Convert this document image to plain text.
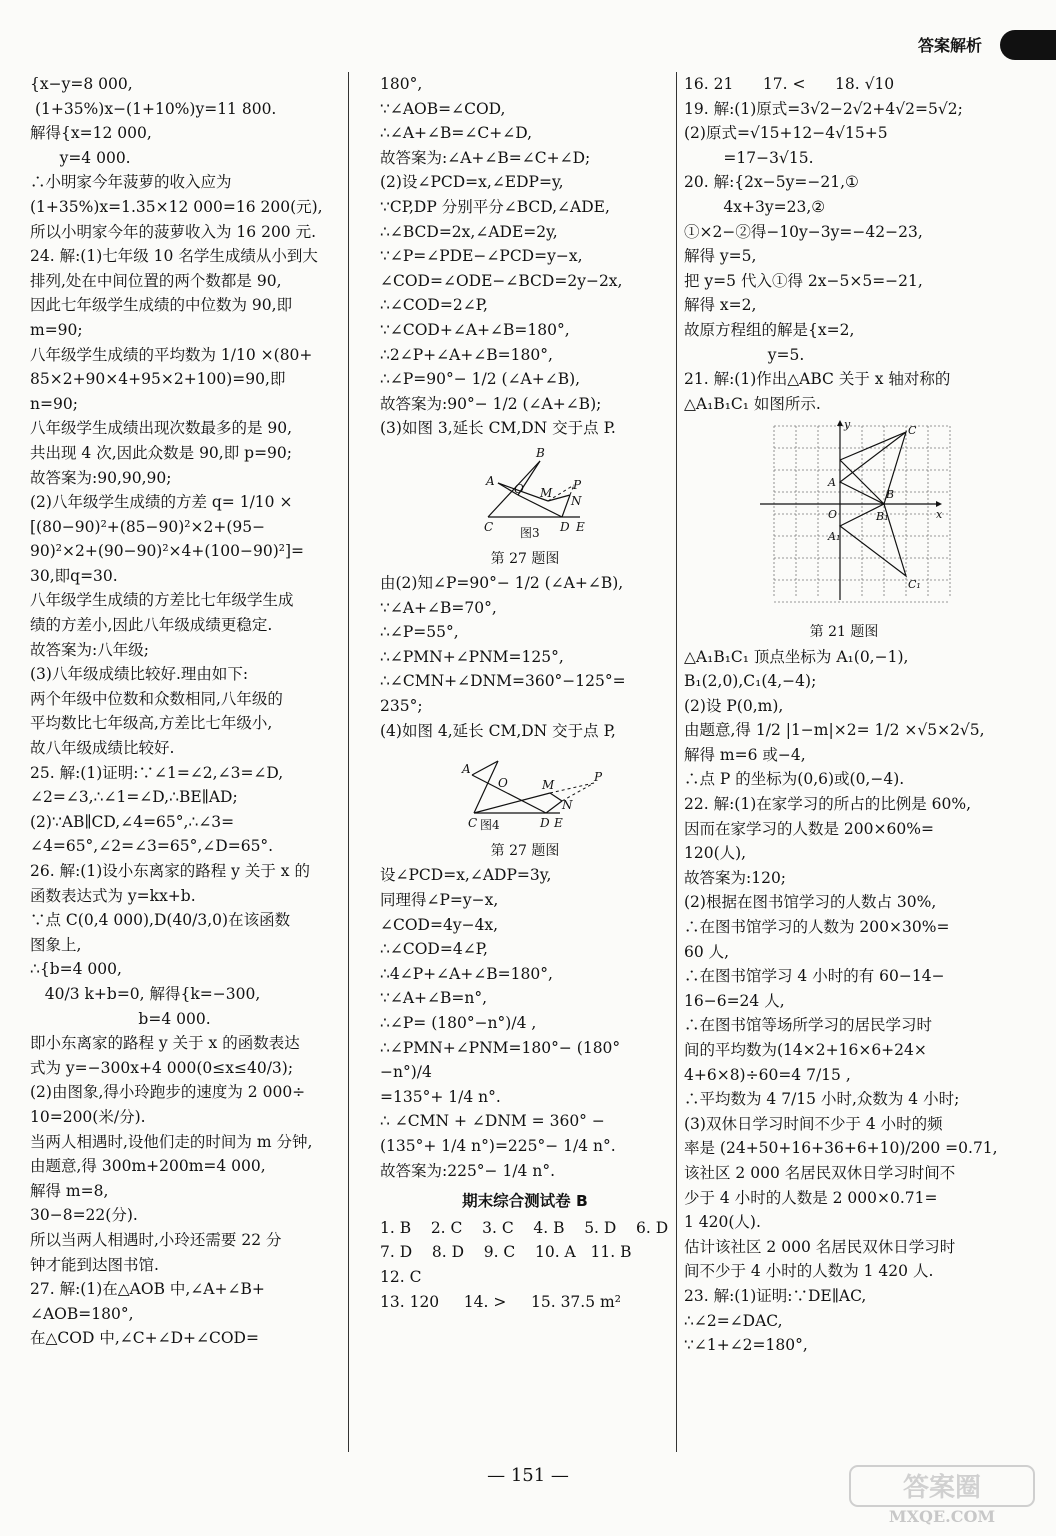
答案解析
{x−y=8 000,
(1+35%)x−(1+10%)y=11 800.
解得{x=12 000,
y=4 000.
∴小明家今年菠萝的收入应为
(1+35%)x=1.35×12 000=16 200(元),
所以小明家今年的菠萝收入为 16 200 元.
24. 解:(1)七年级 10 名学生成绩从小到大
排列,处在中间位置的两个数都是 90,
因此七年级学生成绩的中位数为 90,即
m=90;
八年级学生成绩的平均数为 1/10 ×(80+
85×2+90×4+95×2+100)=90,即
n=90;
八年级学生成绩出现次数最多的是 90,
共出现 4 次,因此众数是 90,即 p=90;
故答案为:90,90,90;
(2)八年级学生成绩的方差 q= 1/10 ×
[(80−90)²+(85−90)²×2+(95−
90)²×2+(90−90)²×4+(100−90)²]=
30,即q=30.
八年级学生成绩的方差比七年级学生成
绩的方差小,因此八年级成绩更稳定.
故答案为:八年级;
(3)八年级成绩比较好.理由如下:
两个年级中位数和众数相同,八年级的
平均数比七年级高,方差比七年级小,
故八年级成绩比较好.
25. 解:(1)证明:∵∠1=∠2,∠3=∠D,
∠2=∠3,∴∠1=∠D,∴BE∥AD;
(2)∵AB∥CD,∠4=65°,∴∠3=
∠4=65°,∠2=∠3=65°,∠D=65°.
26. 解:(1)设小东离家的路程 y 关于 x 的
函数表达式为 y=kx+b.
∵点 C(0,4 000),D(40/3,0)在该函数
图象上,
∴{b=4 000,
40/3 k+b=0, 解得{k=−300,
b=4 000.
即小东离家的路程 y 关于 x 的函数表达
式为 y=−300x+4 000(0≤x≤40/3);
(2)由图象,得小玲跑步的速度为 2 000÷
10=200(米/分).
当两人相遇时,设他们走的时间为 m 分钟,
由题意,得 300m+200m=4 000,
解得 m=8,
30−8=22(分).
所以当两人相遇时,小玲还需要 22 分
钟才能到达图书馆.
27. 解:(1)在△AOB 中,∠A+∠B+
∠AOB=180°,
在△COD 中,∠C+∠D+∠COD=
180°,
∵∠AOB=∠COD,
∴∠A+∠B=∠C+∠D,
故答案为:∠A+∠B=∠C+∠D;
(2)设∠PCD=x,∠EDP=y,
∵CP,DP 分别平分∠BCD,∠ADE,
∴∠BCD=2x,∠ADE=2y,
∵∠P=∠PDE−∠PCD=y−x,
∠COD=∠ODE−∠BCD=2y−2x,
∴∠COD=2∠P,
∵∠COD+∠A+∠B=180°,
∴2∠P+∠A+∠B=180°,
∴∠P=90°− 1/2 (∠A+∠B),
故答案为:90°− 1/2 (∠A+∠B);
(3)如图 3,延长 CM,DN 交于点 P.
B
A
O M
P
N
C	D E
图3
第 27 题图
由(2)知∠P=90°− 1/2 (∠A+∠B),
∵∠A+∠B=70°,
∴∠P=55°,
∴∠PMN+∠PNM=125°,
∴∠CMN+∠DNM=360°−125°=
235°;
(4)如图 4,延长 CM,DN 交于点 P,
A
O	M
P
N
C	D E
图4
第 27 题图
设∠PCD=x,∠ADP=3y,
同理得∠P=y−x,
∠COD=4y−4x,
∴∠COD=4∠P,
∴4∠P+∠A+∠B=180°,
∵∠A+∠B=n°,
∴∠P= (180°−n°)/4 ,
∴∠PMN+∠PNM=180°− (180°−n°)/4
=135°+ 1/4 n°.
∴ ∠CMN + ∠DNM = 360° −
(135°+ 1/4 n°)=225°− 1/4 n°.
故答案为:225°− 1/4 n°.
期末综合测试卷 B
1. B    2. C    3. C    4. B    5. D    6. D
7. D    8. D    9. C    10. A   11. B   12. C
13. 120     14. >     15. 37.5 m²
16. 21      17. <      18. √10
19. 解:(1)原式=3√2−2√2+4√2=5√2;
(2)原式=√15+12−4√15+5
=17−3√15.
20. 解:{2x−5y=−21,①
4x+3y=23,②
①×2−②得−10y−3y=−42−23,
解得 y=5,
把 y=5 代入①得 2x−5×5=−21,
解得 x=2,
故原方程组的解是{x=2,
y=5.
21. 解:(1)作出△ABC 关于 x 轴对称的
△A₁B₁C₁ 如图所示.
y
x
A
B
C
O	B₁
A₁
C₁
第 21 题图
△A₁B₁C₁ 顶点坐标为 A₁(0,−1),
B₁(2,0),C₁(4,−4);
(2)设 P(0,m),
由题意,得 1/2 |1−m|×2= 1/2 ×√5×2√5,
解得 m=6 或−4,
∴点 P 的坐标为(0,6)或(0,−4).
22. 解:(1)在家学习的所占的比例是 60%,
因而在家学习的人数是 200×60%=
120(人),
故答案为:120;
(2)根据在图书馆学习的人数占 30%,
∴在图书馆学习的人数为 200×30%=
60 人,
∴在图书馆学习 4 小时的有 60−14−
16−6=24 人,
∴在图书馆等场所学习的居民学习时
间的平均数为(14×2+16×6+24×
4+6×8)÷60=4 7/15 ,
∴平均数为 4 7/15 小时,众数为 4 小时;
(3)双休日学习时间不少于 4 小时的频
率是 (24+50+16+36+6+10)/200 =0.71,
该社区 2 000 名居民双休日学习时间不
少于 4 小时的人数是 2 000×0.71=
1 420(人).
估计该社区 2 000 名居民双休日学习时
间不少于 4 小时的人数为 1 420 人.
23. 解:(1)证明:∵DE∥AC,
∴∠2=∠DAC,
∵∠1+∠2=180°,
— 151 —	答案圈
MXQE.COM
